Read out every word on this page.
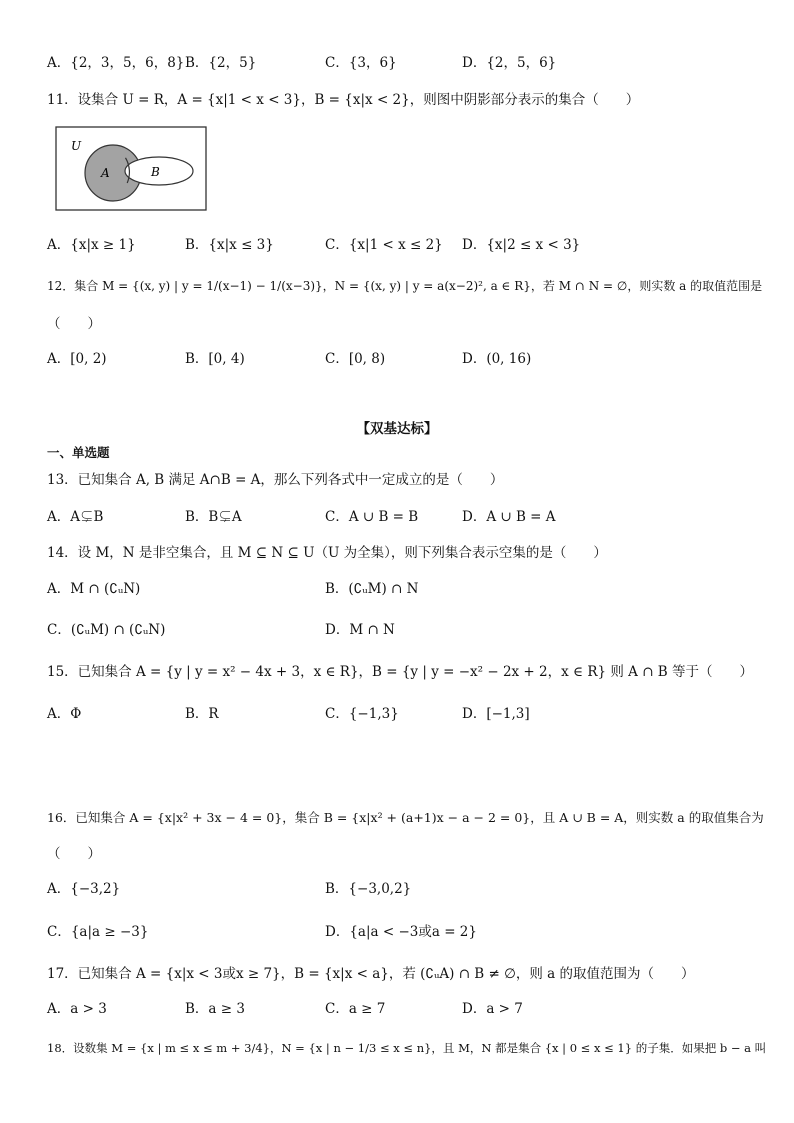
A．{2，3，5，6，8} B．{2，5}	C．{3，6}	D．{2，5，6}
11．设集合 U = R，A = {x|1 < x < 3}，B = {x|x < 2}，则图中阴影部分表示的集合（　　）
U
A	B
A．{x|x ≥ 1}	B．{x|x ≤ 3}	C．{x|1 < x ≤ 2} D．{x|2 ≤ x < 3}
12．集合 M = {(x, y) | y = 1/(x−1) − 1/(x−3)}，N = {(x, y) | y = a(x−2)², a ∈ R}，若 M ∩ N = ∅，则实数 a 的取值范围是
（　　）
A．[0, 2)	B．[0, 4)	C．[0, 8)	D．(0, 16)
【双基达标】
一、单选题
13．已知集合 A, B 满足 A∩B = A，那么下列各式中一定成立的是（　　）
A．A⊊B	B．B⊊A	C．A ∪ B = B	D．A ∪ B = A
14．设 M，N 是非空集合，且 M ⊆ N ⊆ U（U 为全集），则下列集合表示空集的是（　　）
A．M ∩ (∁ᵤN)	B．(∁ᵤM) ∩ N
C．(∁ᵤM) ∩ (∁ᵤN)	D．M ∩ N
15．已知集合 A = {y | y = x² − 4x + 3，x ∈ R}，B = {y | y = −x² − 2x + 2，x ∈ R} 则 A ∩ B 等于（　　）
A．Φ	B．R	C．{−1,3}	D．[−1,3]
16．已知集合 A = {x|x² + 3x − 4 = 0}，集合 B = {x|x² + (a+1)x − a − 2 = 0}，且 A ∪ B = A，则实数 a 的取值集合为
（　　）
A．{−3,2}	B．{−3,0,2}
C．{a|a ≥ −3}	D．{a|a < −3或a = 2}
17．已知集合 A = {x|x < 3或x ≥ 7}，B = {x|x < a}，若 (∁ᵤA) ∩ B ≠ ∅，则 a 的取值范围为（　　）
A．a > 3	B．a ≥ 3	C．a ≥ 7	D．a > 7
18．设数集 M = {x | m ≤ x ≤ m + 3/4}，N = {x | n − 1/3 ≤ x ≤ n}，且 M，N 都是集合 {x | 0 ≤ x ≤ 1} 的子集．如果把 b − a 叫
